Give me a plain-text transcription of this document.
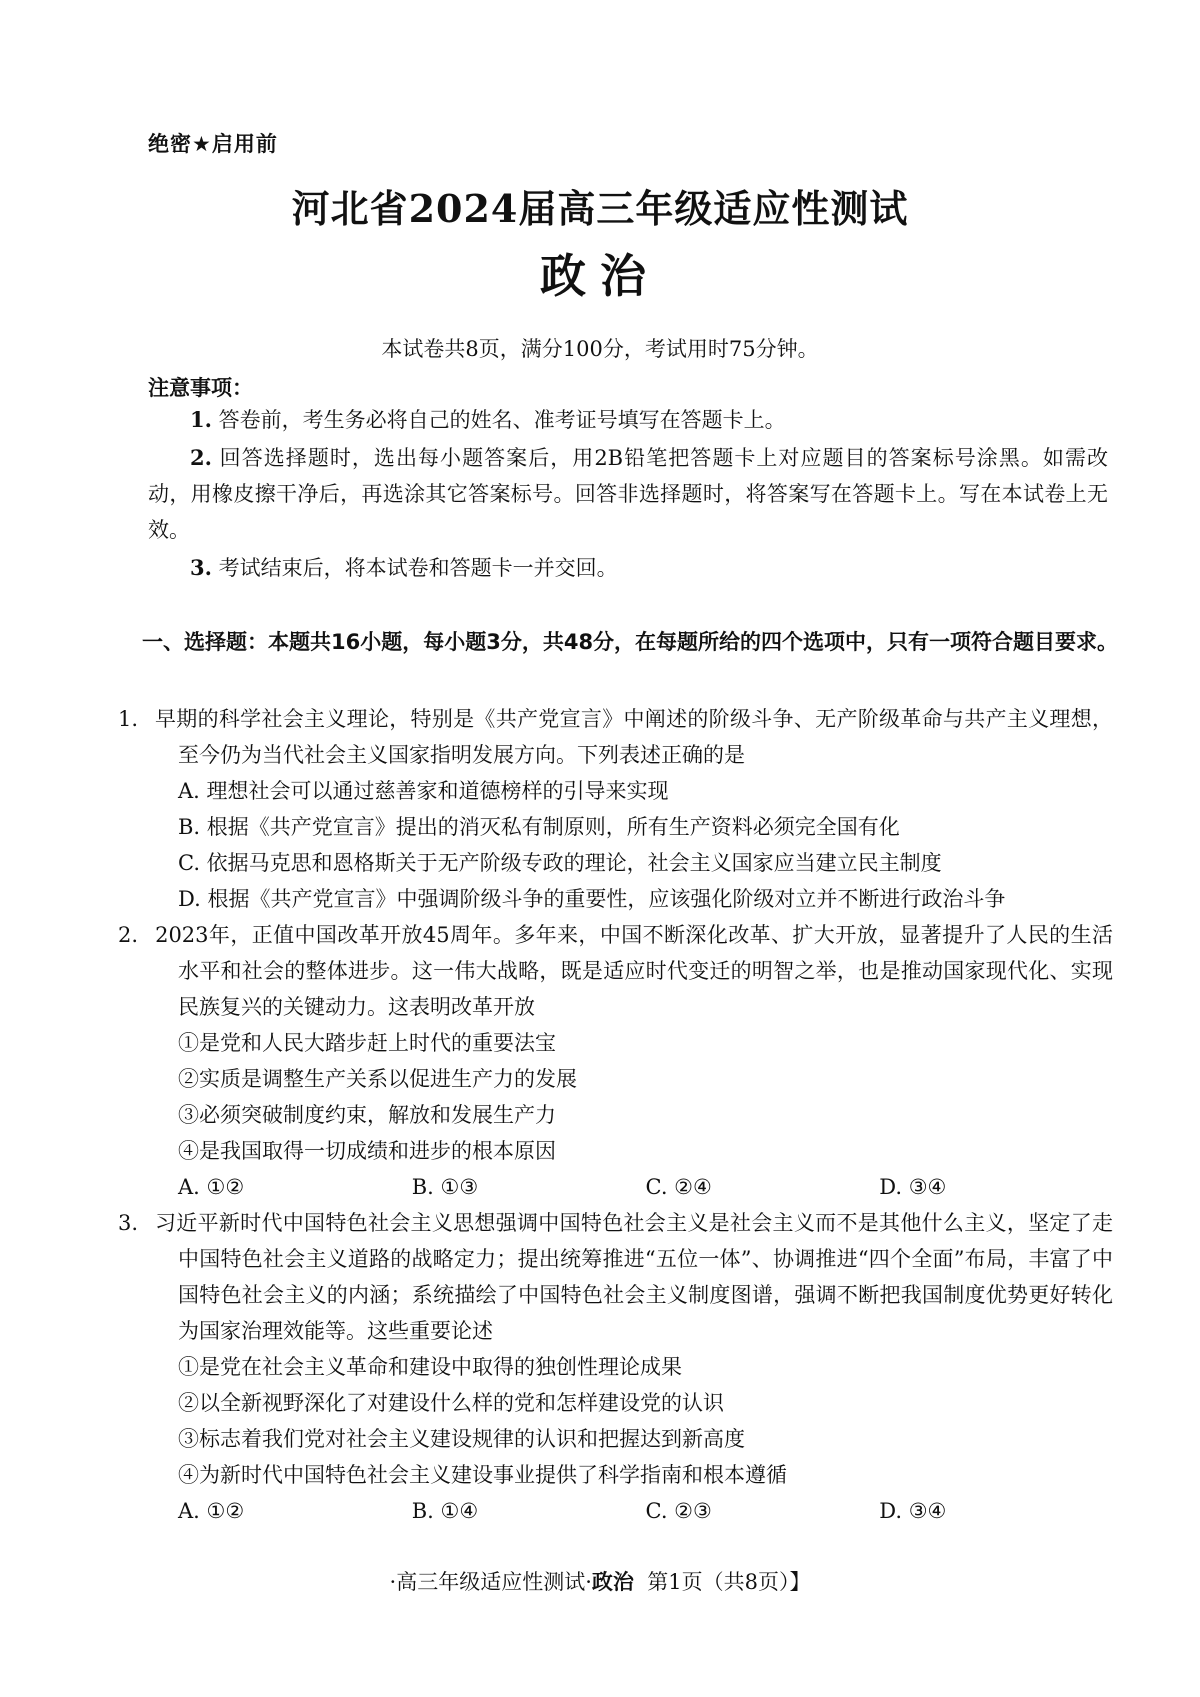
绝密★启用前
河北省2024届高三年级适应性测试
政治
本试卷共8页，满分100分，考试用时75分钟。
注意事项：
1. 答卷前，考生务必将自己的姓名、准考证号填写在答题卡上。
2. 回答选择题时，选出每小题答案后，用2B铅笔把答题卡上对应题目的答案标号涂黑。如需改动，用橡皮擦干净后，再选涂其它答案标号。回答非选择题时，将答案写在答题卡上。写在本试卷上无效。
3. 考试结束后，将本试卷和答题卡一并交回。
一、选择题：本题共16小题，每小题3分，共48分，在每题所给的四个选项中，只有一项符合题目要求。
1. 早期的科学社会主义理论，特别是《共产党宣言》中阐述的阶级斗争、无产阶级革命与共产主义理想，至今仍为当代社会主义国家指明发展方向。下列表述正确的是
A. 理想社会可以通过慈善家和道德榜样的引导来实现
B. 根据《共产党宣言》提出的消灭私有制原则，所有生产资料必须完全国有化
C. 依据马克思和恩格斯关于无产阶级专政的理论，社会主义国家应当建立民主制度
D. 根据《共产党宣言》中强调阶级斗争的重要性，应该强化阶级对立并不断进行政治斗争
2. 2023年，正值中国改革开放45周年。多年来，中国不断深化改革、扩大开放，显著提升了人民的生活水平和社会的整体进步。这一伟大战略，既是适应时代变迁的明智之举，也是推动国家现代化、实现民族复兴的关键动力。这表明改革开放
①是党和人民大踏步赶上时代的重要法宝
②实质是调整生产关系以促进生产力的发展
③必须突破制度约束，解放和发展生产力
④是我国取得一切成绩和进步的根本原因
A. ①②	B. ①③	C. ②④	D. ③④
3. 习近平新时代中国特色社会主义思想强调中国特色社会主义是社会主义而不是其他什么主义，坚定了走中国特色社会主义道路的战略定力；提出统筹推进“五位一体”、协调推进“四个全面”布局，丰富了中国特色社会主义的内涵；系统描绘了中国特色社会主义制度图谱，强调不断把我国制度优势更好转化为国家治理效能等。这些重要论述
①是党在社会主义革命和建设中取得的独创性理论成果
②以全新视野深化了对建设什么样的党和怎样建设党的认识
③标志着我们党对社会主义建设规律的认识和把握达到新高度
④为新时代中国特色社会主义建设事业提供了科学指南和根本遵循
A. ①②	B. ①④	C. ②③	D. ③④
·高三年级适应性测试·政治 第1页（共8页）】
